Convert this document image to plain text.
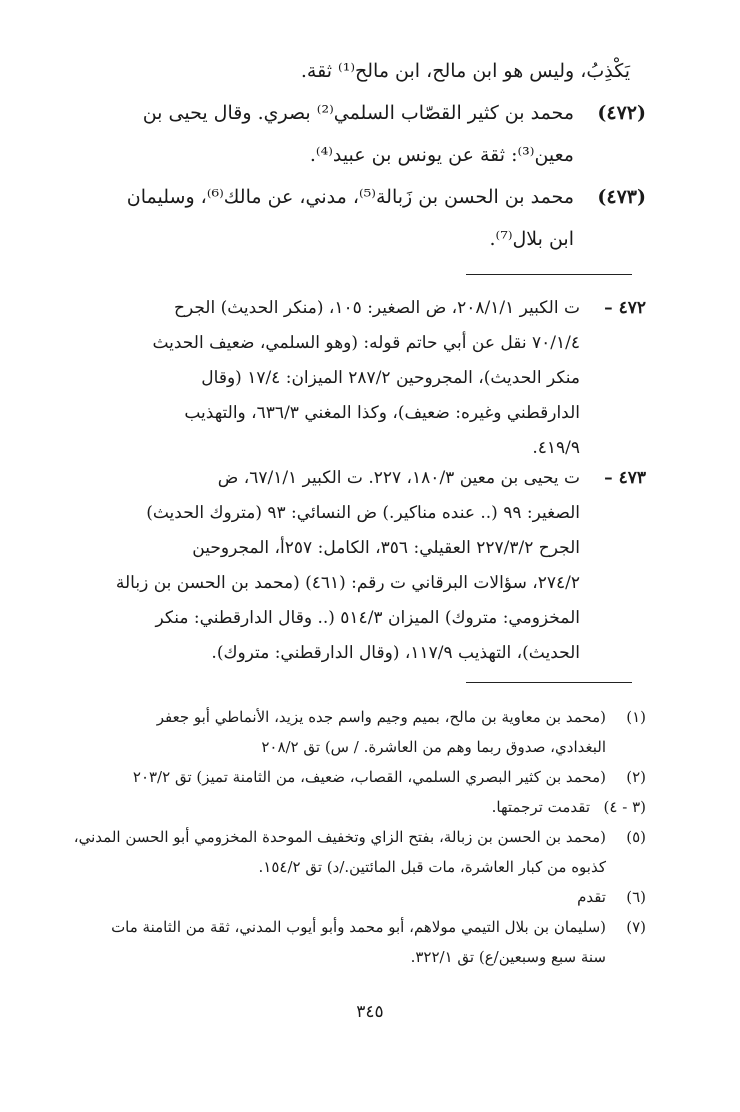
يَكْذِبُ، وليس هو ابن مالح، ابن مالح⁽¹⁾ ثقة.
(٤٧٢)
محمد بن كثير القصّاب السلمي⁽²⁾ بصري. وقال يحيى بن
معين⁽³⁾: ثقة عن يونس بن عبيد⁽⁴⁾.
(٤٧٣)
محمد بن الحسن بن زَبالة⁽⁵⁾، مدني، عن مالك⁽⁶⁾، وسليمان
ابن بلال⁽⁷⁾.
٤٧٢ –
ت الكبير ٢٠٨/١/١، ض الصغير: ١٠٥، (منكر الحديث) الجرح
٧٠/١/٤ نقل عن أبي حاتم قوله: (وهو السلمي، ضعيف الحديث
منكر الحديث)، المجروحين ٢٨٧/٢ الميزان: ١٧/٤ (وقال
الدارقطني وغيره: ضعيف)، وكذا المغني ٦٣٦/٣، والتهذيب
٤١٩/٩.
٤٧٣ –
ت يحيى بن معين ١٨٠/٣، ٢٢٧. ت الكبير ٦٧/١/١، ض
الصغير: ٩٩ (.. عنده مناكير.) ض النسائي: ٩٣ (متروك الحديث)
الجرح ٢٢٧/٣/٢ العقيلي: ٣٥٦، الكامل: ٢٥٧أ، المجروحين
٢٧٤/٢، سؤالات البرقاني ت رقم: (٤٦١) (محمد بن الحسن بن زبالة
المخزومي: متروك) الميزان ٥١٤/٣ (.. وقال الدارقطني: منكر
الحديث)، التهذيب ١١٧/٩، (وقال الدارقطني: متروك).
(١)
(محمد بن معاوية بن مالح، بميم وجيم واسم جده يزيد، الأنماطي أبو جعفر
البغدادي، صدوق ربما وهم من العاشرة. / س) تق ٢٠٨/٢
(٢)
(محمد بن كثير البصري السلمي، القصاب، ضعيف، من الثامنة تميز) تق ٢٠٣/٢
(٣ - ٤)
تقدمت ترجمتها.
(٥)
(محمد بن الحسن بن زبالة، بفتح الزاي وتخفيف الموحدة المخزومي أبو الحسن المدني،
كذبوه من كبار العاشرة، مات قبل المائتين./د) تق ١٥٤/٢.
(٦)
تقدم
(٧)
(سليمان بن بلال التيمي مولاهم، أبو محمد وأبو أيوب المدني، ثقة من الثامنة مات
سنة سبع وسبعين/ع) تق ٣٢٢/١.
٣٤٥
